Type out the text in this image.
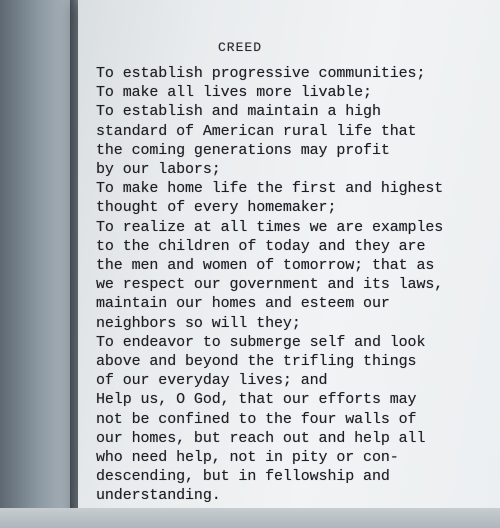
CREED
To establish progressive communities;
To make all lives more livable;
To establish and maintain a high
standard of American rural life that
the coming generations may profit
by our labors;
To make home life the first and highest
thought of every homemaker;
To realize at all times we are examples
to the children of today and they are
the men and women of tomorrow; that as
we respect our government and its laws,
maintain our homes and esteem our
neighbors so will they;
To endeavor to submerge self and look
above and beyond the trifling things
of our everyday lives; and
Help us, O God, that our efforts may
not be confined to the four walls of
our homes, but reach out and help all
who need help, not in pity or con-
descending, but in fellowship and
understanding.
